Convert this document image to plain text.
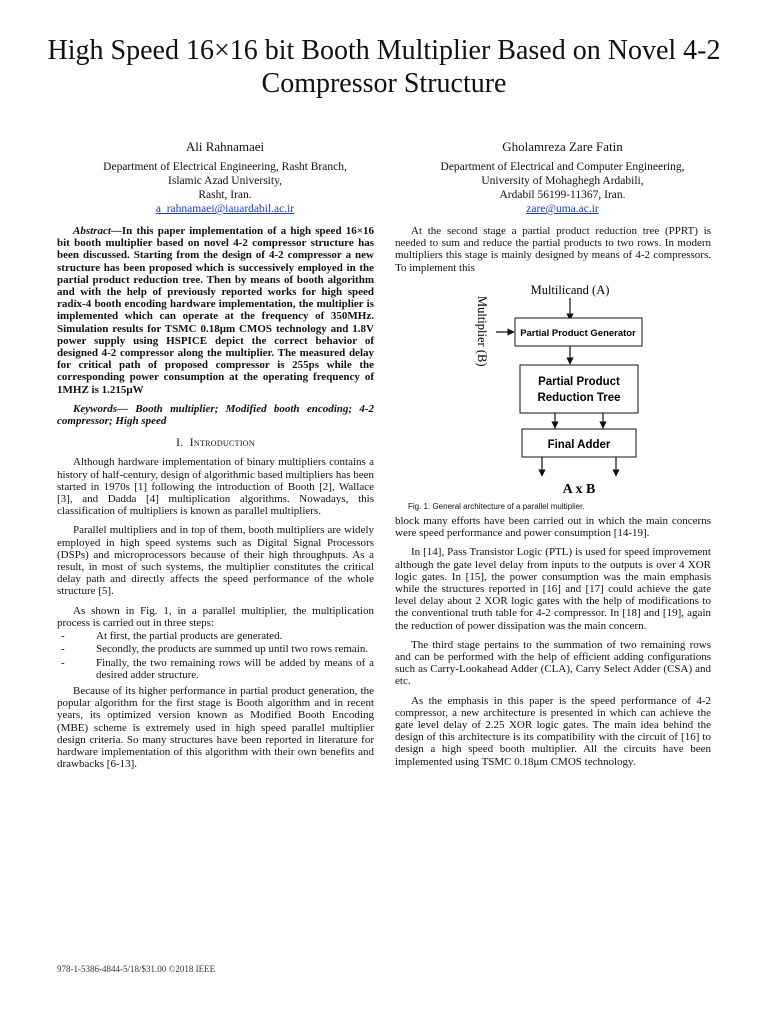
High Speed 16×16 bit Booth Multiplier Based on Novel 4-2 Compressor Structure
Ali Rahnamaei
Department of Electrical Engineering, Rasht Branch,
Islamic Azad University,
Rasht, Iran.
a_rahnamaei@iauardabil.ac.ir
Gholamreza Zare Fatin
Department of Electrical and Computer Engineering,
University of Mohaghegh Ardabili,
Ardabil 56199-11367, Iran.
zare@uma.ac.ir

Abstract—In this paper implementation of a high speed 16×16 bit booth multiplier based on novel 4-2 compressor structure has been discussed. Starting from the design of 4-2 compressor a new structure has been proposed which is successively employed in the partial product reduction tree. Then by means of booth algorithm and with the help of previously reported works for high speed radix-4 booth encoding hardware implementation, the multiplier is implemented which can operate at the frequency of 350MHz. Simulation results for TSMC 0.18μm CMOS technology and 1.8V power supply using HSPICE depict the correct behavior of designed 4-2 compressor along the multiplier. The measured delay for critical path of proposed compressor is 255ps while the corresponding power consumption at the operating frequency of 1MHZ is 1.215μW

Keywords— Booth multiplier; Modified booth encoding; 4-2 compressor; High speed

I. Introduction

Although hardware implementation of binary multipliers contains a history of half-century, design of algorithmic based multipliers has been started in 1970s [1] following the introduction of Booth [2], Wallace [3], and Dadda [4] multiplication algorithms. Nowadays, this classification of multipliers is known as parallel multipliers.

Parallel multipliers and in top of them, booth multipliers are widely employed in high speed systems such as Digital Signal Processors (DSPs) and microprocessors because of their high throughputs. As a result, in most of such systems, the multiplier constitutes the critical delay path and directly affects the speed performance of the whole structure [5].

As shown in Fig. 1, in a parallel multiplier, the multiplication process is carried out in three steps:

-	At first, the partial products are generated.
-	Secondly, the products are summed up until two rows remain.
-	Finally, the two remaining rows will be added by means of a desired adder structure.

Because of its higher performance in partial product generation, the popular algorithm for the first stage is Booth algorithm and in recent years, its optimized version known as Modified Booth Encoding (MBE) scheme is extremely used in high speed parallel multiplier design criteria. So many structures have been reported in literature for hardware implementation of this algorithm with their own benefits and drawbacks [6-13].

At the second stage a partial product reduction tree (PPRT) is needed to sum and reduce the partial products to two rows. In modern multipliers this stage is mainly designed by means of 4-2 compressors. To implement this

Multilicand (A)
Multiplier (B)	Partial Product Generator
Partial Product
Reduction Tree
Final Adder
A x B
Fig. 1. General architecture of a parallel multiplier.

block many efforts have been carried out in which the main concerns were speed performance and power consumption [14-19].

In [14], Pass Transistor Logic (PTL) is used for speed improvement although the gate level delay from inputs to the outputs is over 4 XOR logic gates. In [15], the power consumption was the main emphasis while the structures reported in [16] and [17] could achieve the gate level delay about 2 XOR logic gates with the help of modifications to the conventional truth table for 4-2 compressor. In [18] and [19], again the reduction of power dissipation was the main concern.

The third stage pertains to the summation of two remaining rows and can be performed with the help of efficient adding configurations such as Carry-Lookahead Adder (CLA), Carry Select Adder (CSA) and etc.

As the emphasis in this paper is the speed performance of 4-2 compressor, a new architecture is presented in which can achieve the gate level delay of 2.25 XOR logic gates. The main idea behind the design of this architecture is its compatibility with the circuit of [16] to design a high speed booth multiplier. All the circuits have been implemented using TSMC 0.18μm CMOS technology.

978-1-5386-4844-5/18/$31.00 ©2018 IEEE
